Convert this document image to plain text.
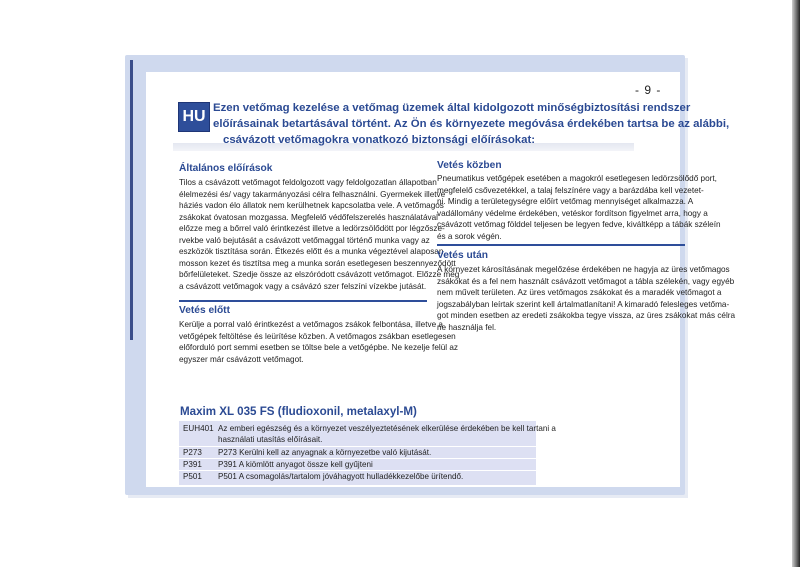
- 9 -
HU Ezen vetőmag kezelése a vetőmag üzemek által kidolgozott minőségbiztosítási rendszer
előírásainak betartásával történt. Az Ön és környezete megóvása érdekében tartsa be az alábbi,
csávázott vetőmagokra vonatkozó biztonsági előírásokat:
Általános előírások
Tilos a csávázott vetőmagot feldolgozott vagy feldolgozatlan állapotban
élelmezési és/ vagy takarmányozási célra felhasználni. Gyermekek illetve
háziés vadon élo állatok nem kerülhetnek kapcsolatba vele. A vetőmagos
zsákokat óvatosan mozgassa. Megfelelő védőfelszerelés használatával
előzze meg a bőrrel való érintkezést illetve a ledörzsölődött por légzősze-
rvekbe való bejutását a csávázott vetőmaggal történő munka vagy az
eszközök tisztítása során. Étkezés előtt és a munka végeztével alaposan
mosson kezet és tisztítsa meg a munka során esetlegesen beszennyeződött
bőrfelületeket. Szedje össze az elszóródott csávázott vetőmagot. Előzze meg
a csávázott vetőmagok vagy a csávázó szer felszíni vízekbe jutását.
Vetés előtt
Kerülje a porral való érintkezést a vetőmagos zsákok felbontása, illetve a
vetőgépek feltöltése és leürítése közben. A vetőmagos zsákban esetlegesen
előforduló port semmi esetben se töltse bele a vetőgépbe. Ne kezelje felül az
egyszer már csávázott vetőmagot.
Vetés közben
Pneumatikus vetőgépek esetében a magokról esetlegesen ledörzsölődő port,
megfelelő csővezetékkel, a talaj felszínére vagy a barázdába kell vezetet-
ni. Mindig a területegységre előírt vetőmag mennyiséget alkalmazza. A
vadállomány védelme érdekében, vetéskor fordítson figyelmet arra, hogy a
csávázott vetőmag földdel teljesen be legyen fedve, kiváltképp a tábák széleín
és a sorok végén.
Vetés után
A környezet károsításának megelőzése érdekében ne hagyja az üres vetőmagos
zsákokat és a fel nem használt csávázott vetőmagot a tábla szélekén, vagy egyéb
nem művelt területen. Az üres vetőmagos zsákokat és a maradék vetőmagot a
jogszabályban leírtak szerint kell ártalmatlanítani! A kimaradó felesleges vetőma-
got minden esetben az eredeti zsákokba tegye vissza, az üres zsákokat más célra
ne használja fel.
Maxim XL 035 FS (fludioxonil, metalaxyl-M)
EUH401 Az emberi egészség és a környezet veszélyeztetésének elkerülése érdekében be kell tartani a
használati utasítás előírásait.
P273 P273 Kerülni kell az anyagnak a környezetbe való kijutását.
P391 P391 A kiömlött anyagot össze kell gyűjteni
P501 P501 A csomagolás/tartalom jóváhagyott hulladékkezelőbe ürítendő.
